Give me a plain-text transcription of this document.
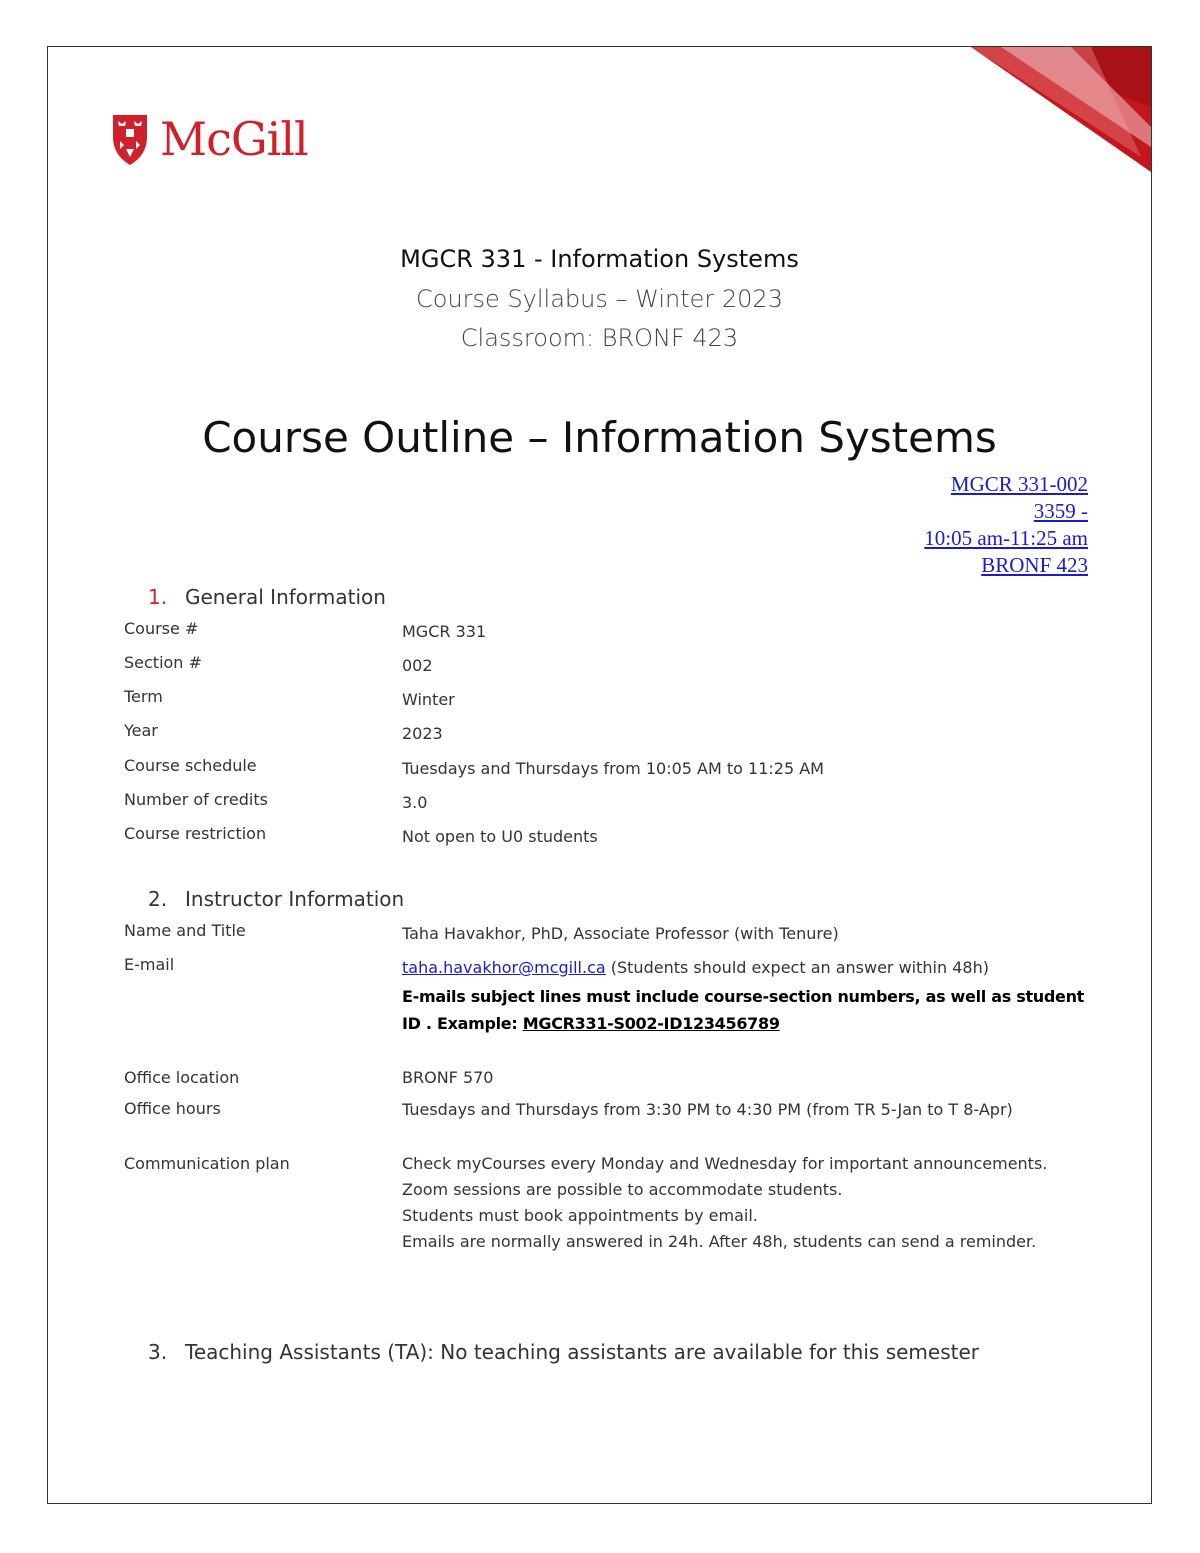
McGill
MGCR 331 - Information Systems
Course Syllabus – Winter 2023
Classroom: BRONF 423
Course Outline – Information Systems
MGCR 331-002
3359 -
10:05 am-11:25 am
BRONF 423
1. General Information
Course #	MGCR 331
Section #	002
Term	Winter
Year	2023
Course schedule	Tuesdays and Thursdays from 10:05 AM to 11:25 AM
Number of credits	3.0
Course restriction	Not open to U0 students
2. Instructor Information
Name and Title	Taha Havakhor, PhD, Associate Professor (with Tenure)
E-mail	taha.havakhor@mcgill.ca (Students should expect an answer within 48h)
E-mails subject lines must include course-section numbers, as well as student ID . Example: MGCR331-S002-ID123456789
Office location	BRONF 570
Office hours	Tuesdays and Thursdays from 3:30 PM to 4:30 PM (from TR 5-Jan to T 8-Apr)
Communication plan	Check myCourses every Monday and Wednesday for important announcements.
Zoom sessions are possible to accommodate students.
Students must book appointments by email.
Emails are normally answered in 24h. After 48h, students can send a reminder.
3. Teaching Assistants (TA): No teaching assistants are available for this semester
